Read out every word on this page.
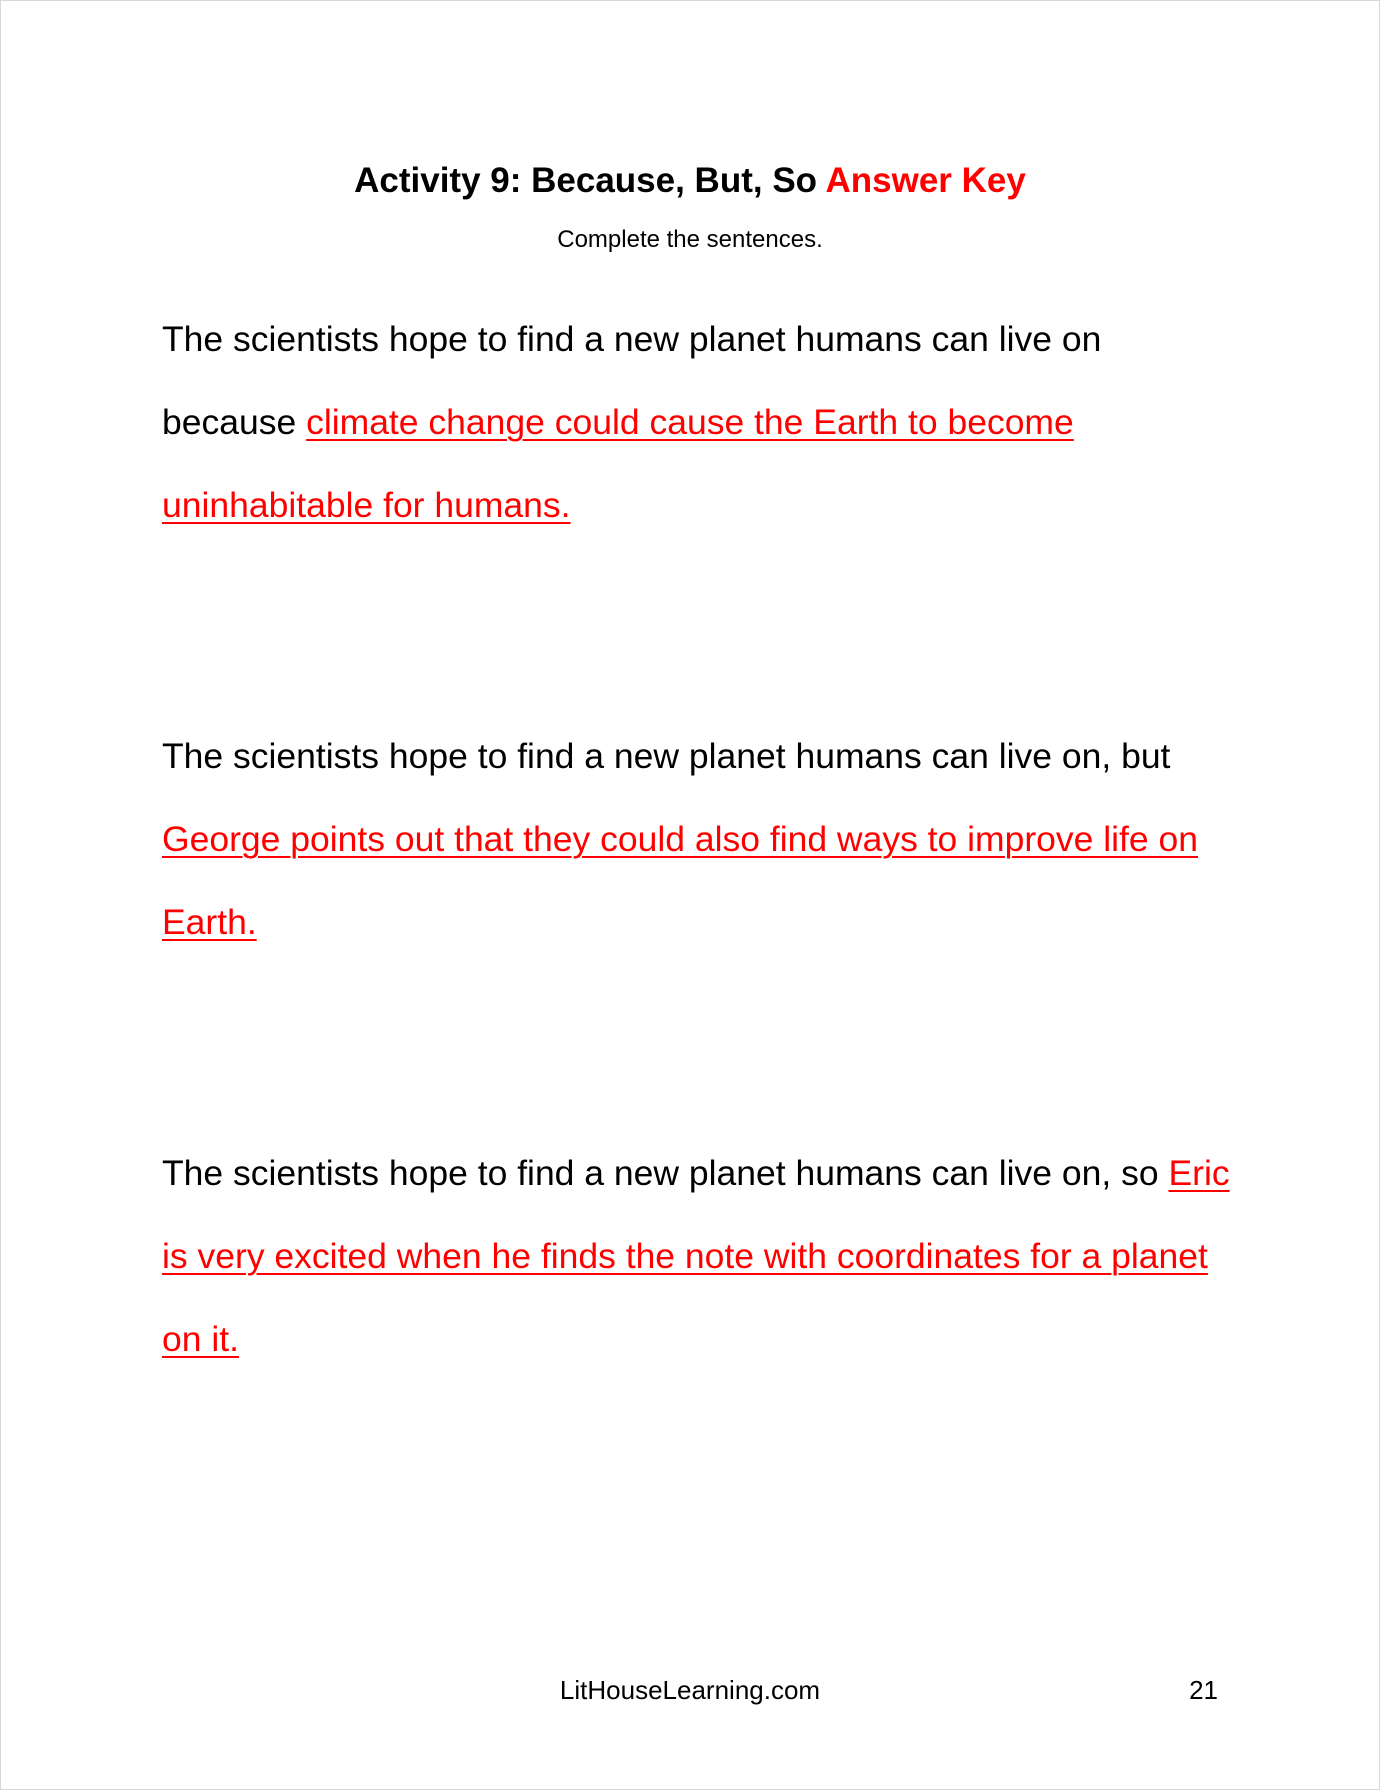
Activity 9: Because, But, So Answer Key
Complete the sentences.

The scientists hope to find a new planet humans can live on because climate change could cause the Earth to become uninhabitable for humans.

The scientists hope to find a new planet humans can live on, but George points out that they could also find ways to improve life on Earth.

The scientists hope to find a new planet humans can live on, so Eric is very excited when he finds the note with coordinates for a planet on it.

LitHouseLearning.com	21
